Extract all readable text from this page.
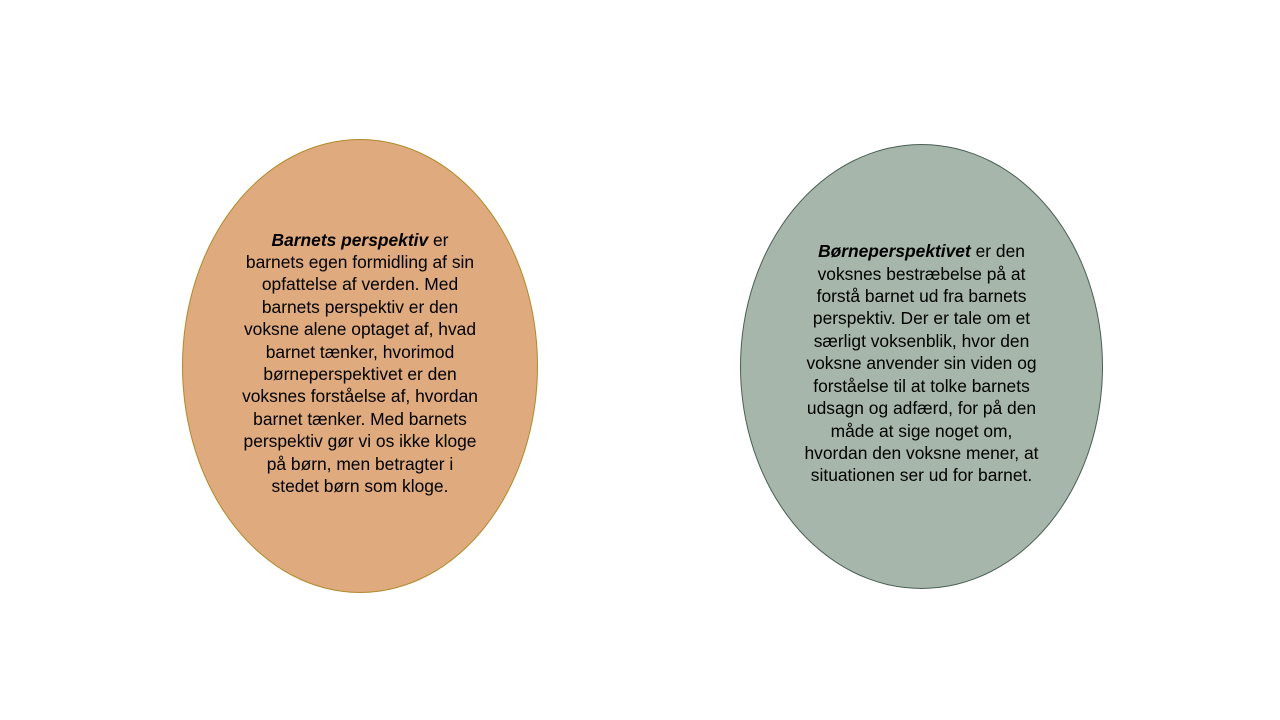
Barnets perspektiv er barnets egen formidling af sin opfattelse af verden. Med barnets perspektiv er den voksne alene optaget af, hvad barnet tænker, hvorimod børneperspektivet er den voksnes forståelse af, hvordan barnet tænker. Med barnets perspektiv gør vi os ikke kloge på børn, men betragter i stedet børn som kloge.
Børneperspektivet er den voksnes bestræbelse på at forstå barnet ud fra barnets perspektiv. Der er tale om et særligt voksenblik, hvor den voksne anvender sin viden og forståelse til at tolke barnets udsagn og adfærd, for på den måde at sige noget om, hvordan den voksne mener, at situationen ser ud for barnet.
